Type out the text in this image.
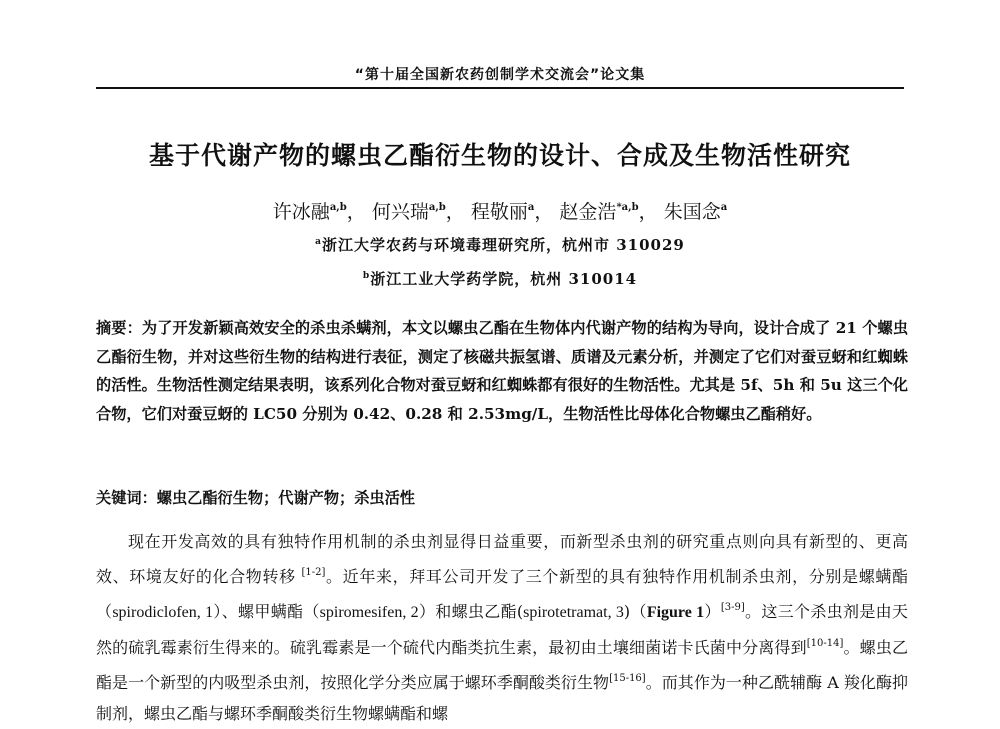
“第十届全国新农药创制学术交流会”论文集
基于代谢产物的螺虫乙酯衍生物的设计、合成及生物活性研究
许冰融$^{a,b}$， 何兴瑞$^{a,b}$， 程敬丽$^a$， 赵金浩$^{*a,b}$， 朱国念$^a$
$^a$浙江大学农药与环境毒理研究所，杭州市 310029
$^b$浙江工业大学药学院，杭州 310014
摘要：为了开发新颖高效安全的杀虫杀螨剂，本文以螺虫乙酯在生物体内代谢产物的结构为导向，设计合成了 21 个螺虫乙酯衍生物，并对这些衍生物的结构进行表征，测定了核磁共振氢谱、质谱及元素分析，并测定了它们对蚕豆蚜和红蜘蛛的活性。生物活性测定结果表明，该系列化合物对蚕豆蚜和红蜘蛛都有很好的生物活性。尤其是 5f、5h 和 5u 这三个化合物，它们对蚕豆蚜的 LC50 分别为 0.42、0.28 和 2.53mg/L，生物活性比母体化合物螺虫乙酯稍好。
关键词：螺虫乙酯衍生物；代谢产物；杀虫活性
现在开发高效的具有独特作用机制的杀虫剂显得日益重要，而新型杀虫剂的研究重点则向具有新型的、更高效、环境友好的化合物转移 [1-2]。近年来，拜耳公司开发了三个新型的具有独特作用机制杀虫剂，分别是螺螨酯（spirodiclofen, 1）、螺甲螨酯（spiromesifen, 2）和螺虫乙酯(spirotetramat, 3)（Figure 1）[3-9]。这三个杀虫剂是由天然的硫乳霉素衍生得来的。硫乳霉素是一个硫代内酯类抗生素，最初由土壤细菌诺卡氏菌中分离得到[10-14]。螺虫乙酯是一个新型的内吸型杀虫剂，按照化学分类应属于螺环季酮酸类衍生物[15-16]。而其作为一种乙酰辅酶 A 羧化酶抑制剂，螺虫乙酯与螺环季酮酸类衍生物螺螨酯和螺
